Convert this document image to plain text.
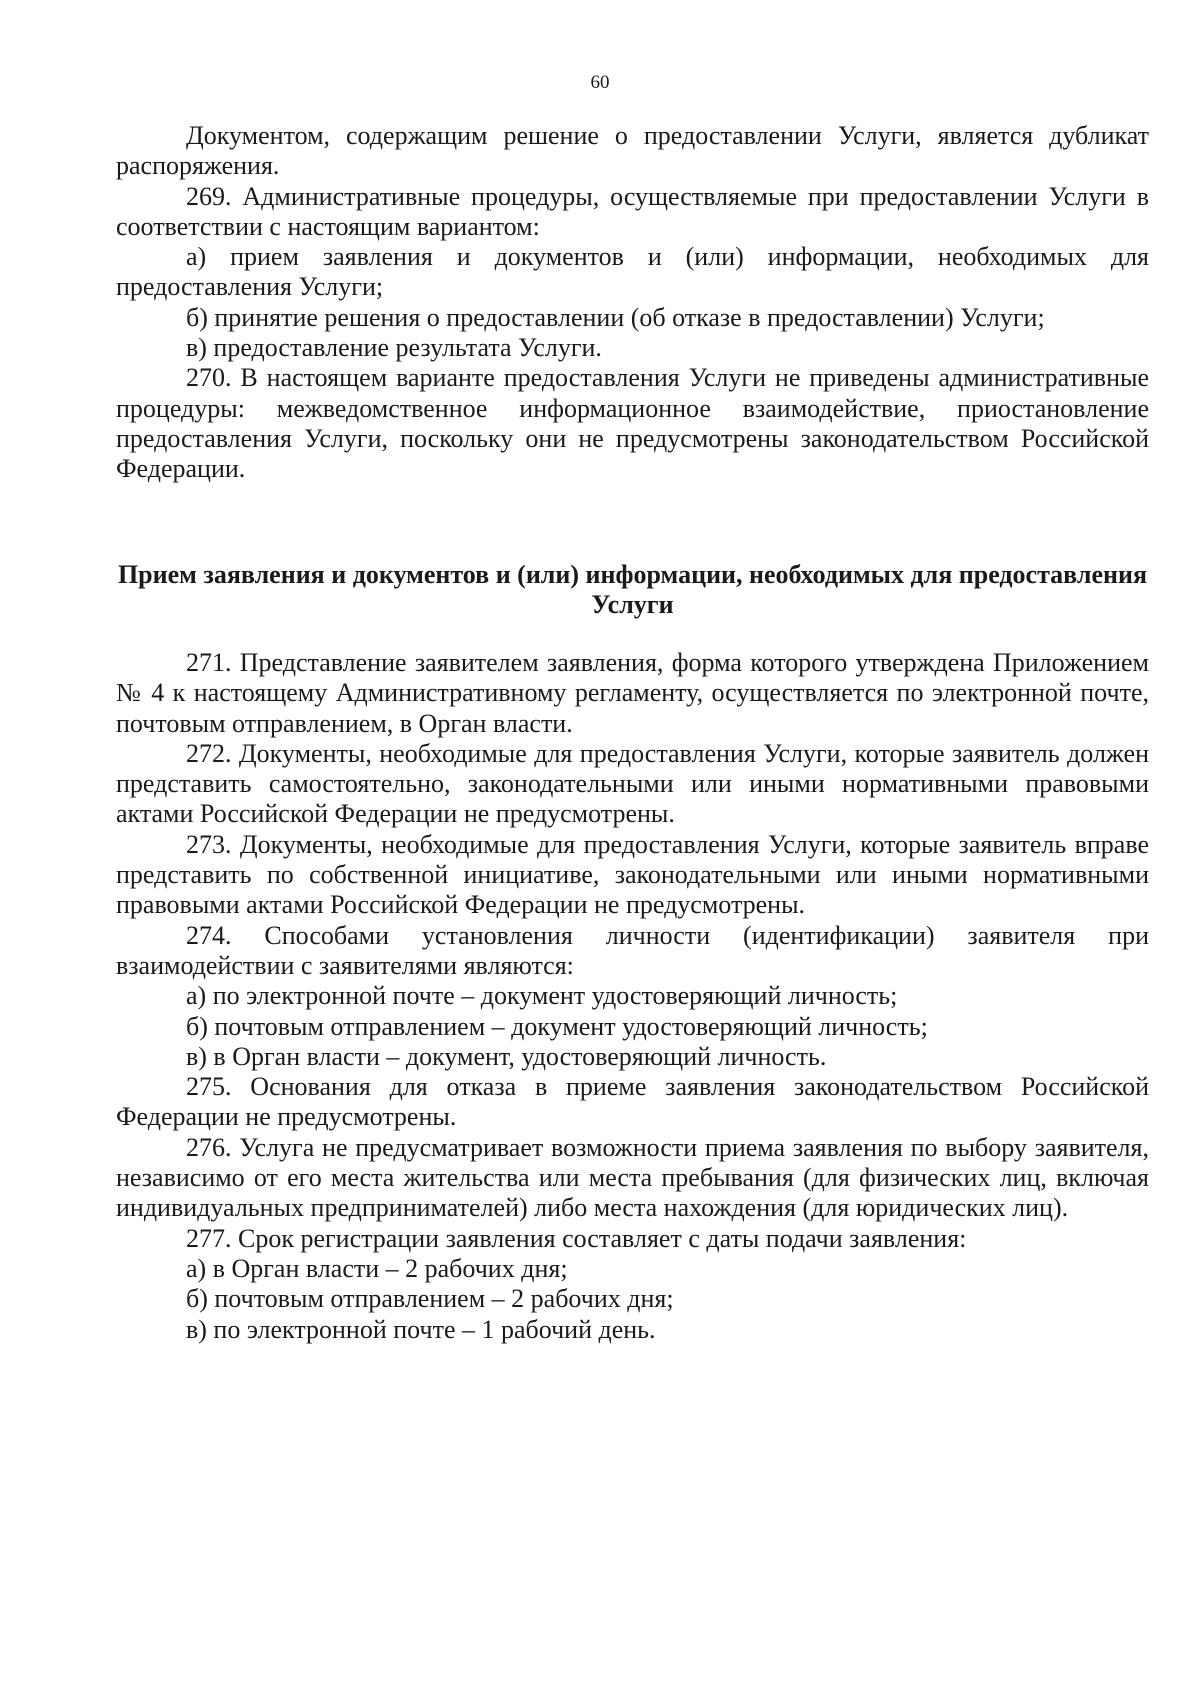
60

Документом, содержащим решение о предоставлении Услуги, является дубликат распоряжения.

269. Административные процедуры, осуществляемые при предоставлении Услуги в соответствии с настоящим вариантом:

а) прием заявления и документов и (или) информации, необходимых для предоставления Услуги;

б) принятие решения о предоставлении (об отказе в предоставлении) Услуги;

в) предоставление результата Услуги.

270. В настоящем варианте предоставления Услуги не приведены административные процедуры: межведомственное информационное взаимодействие, приостановление предоставления Услуги, поскольку они не предусмотрены законодательством Российской Федерации.

Прием заявления и документов и (или) информации, необходимых для предоставления Услуги

271. Представление заявителем заявления, форма которого утверждена Приложением № 4 к настоящему Административному регламенту, осуществляется по электронной почте, почтовым отправлением, в Орган власти.

272. Документы, необходимые для предоставления Услуги, которые заявитель должен представить самостоятельно, законодательными или иными нормативными правовыми актами Российской Федерации не предусмотрены.

273. Документы, необходимые для предоставления Услуги, которые заявитель вправе представить по собственной инициативе, законодательными или иными нормативными правовыми актами Российской Федерации не предусмотрены.

274. Способами установления личности (идентификации) заявителя при взаимодействии с заявителями являются:

а) по электронной почте – документ удостоверяющий личность;

б) почтовым отправлением – документ удостоверяющий личность;

в) в Орган власти – документ, удостоверяющий личность.

275. Основания для отказа в приеме заявления законодательством Российской Федерации не предусмотрены.

276. Услуга не предусматривает возможности приема заявления по выбору заявителя, независимо от его места жительства или места пребывания (для физических лиц, включая индивидуальных предпринимателей) либо места нахождения (для юридических лиц).

277. Срок регистрации заявления составляет с даты подачи заявления:

а) в Орган власти – 2 рабочих дня;

б) почтовым отправлением – 2 рабочих дня;

в) по электронной почте – 1 рабочий день.
